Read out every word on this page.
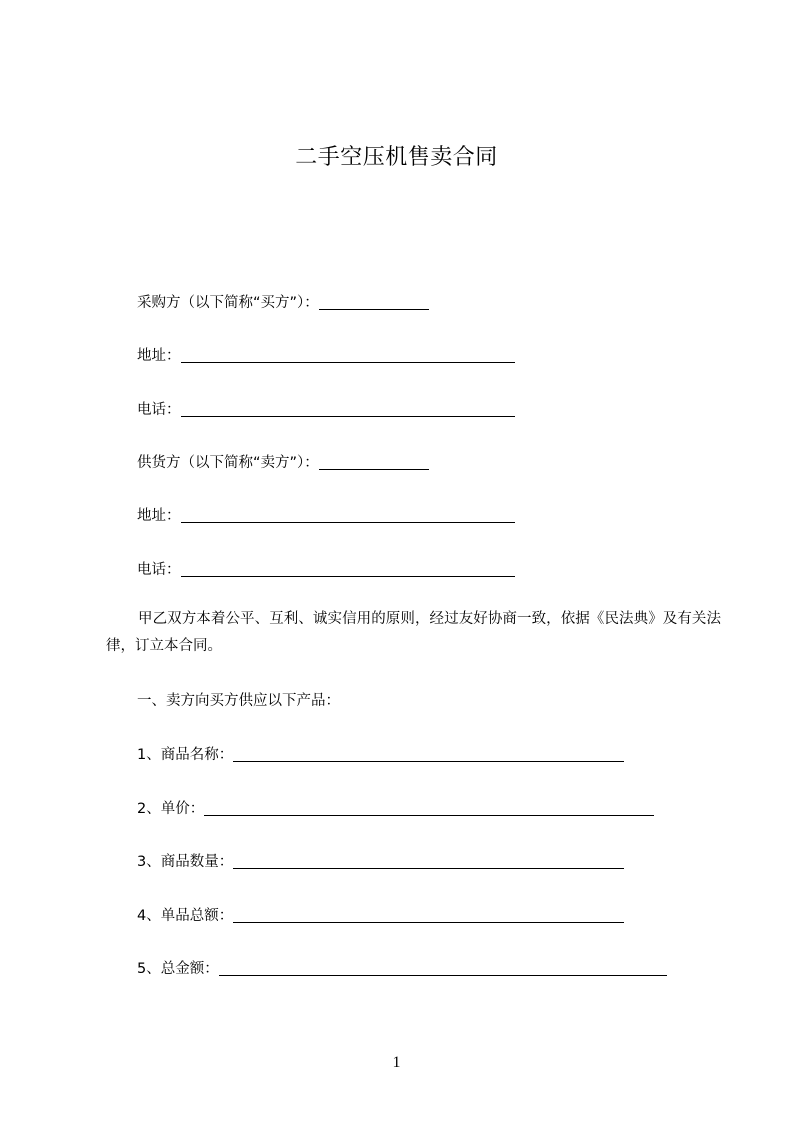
二手空压机售卖合同
采购方（以下简称“买方”）：
地址：
电话：
供货方（以下简称“卖方”）：
地址：
电话：
甲乙双方本着公平、互利、诚实信用的原则，经过友好协商一致，依据《民法典》及有关法律，订立本合同。
一、卖方向买方供应以下产品：
1、商品名称：
2、单价：
3、商品数量：
4、单品总额：
5、总金额：
1
